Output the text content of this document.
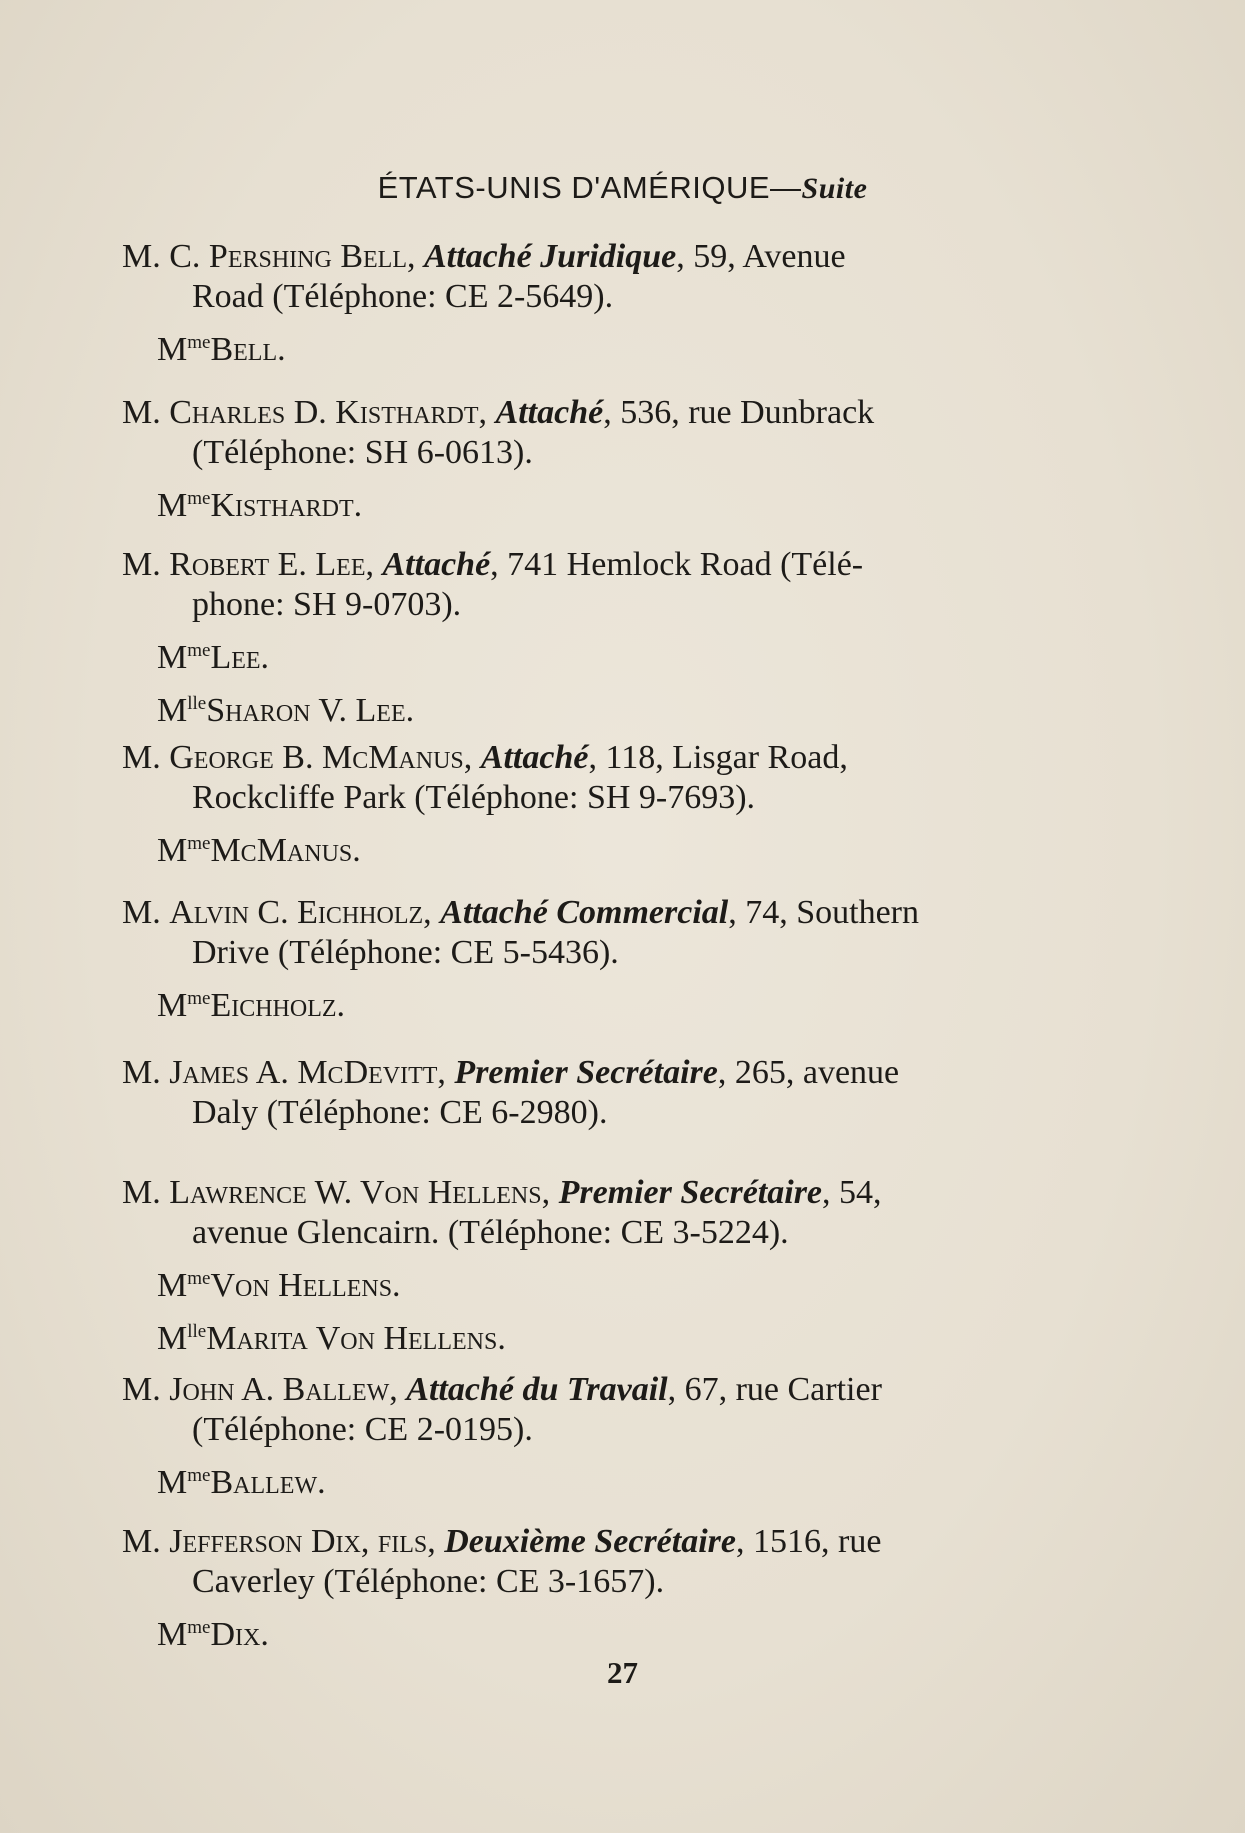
ÉTATS-UNIS D'AMÉRIQUE—Suite
M. C. Pershing Bell, Attaché Juridique, 59, Avenue
Road (Téléphone: CE 2-5649).
$M^{me}Bell$.
M. Charles D. Kisthardt, Attaché, 536, rue Dunbrack
(Téléphone: SH 6-0613).
$M^{me}Kisthardt$.
M. Robert E. Lee, Attaché, 741 Hemlock Road (Télé-
phone: SH 9-0703).
$M^{me}Lee$.
$M^{lle}Sharon$ V. Lee.
M. George B. McManus, Attaché, 118, Lisgar Road,
Rockcliffe Park (Téléphone: SH 9-7693).
$M^{me}McManus$.
M. Alvin C. Eichholz, Attaché Commercial, 74, Southern
Drive (Téléphone: CE 5-5436).
$M^{me}Eichholz$.
M. James A. McDevitt, Premier Secrétaire, 265, avenue
Daly (Téléphone: CE 6-2980).
M. Lawrence W. Von Hellens, Premier Secrétaire, 54,
avenue Glencairn. (Téléphone: CE 3-5224).
$M^{me}Von$ Hellens.
$M^{lle}Marita$ Von Hellens.
M. John A. Ballew, Attaché du Travail, 67, rue Cartier
(Téléphone: CE 2-0195).
$M^{me}Ballew$.
M. Jefferson Dix, fils, Deuxième Secrétaire, 1516, rue
Caverley (Téléphone: CE 3-1657).
$M^{me}Dix$.
27
